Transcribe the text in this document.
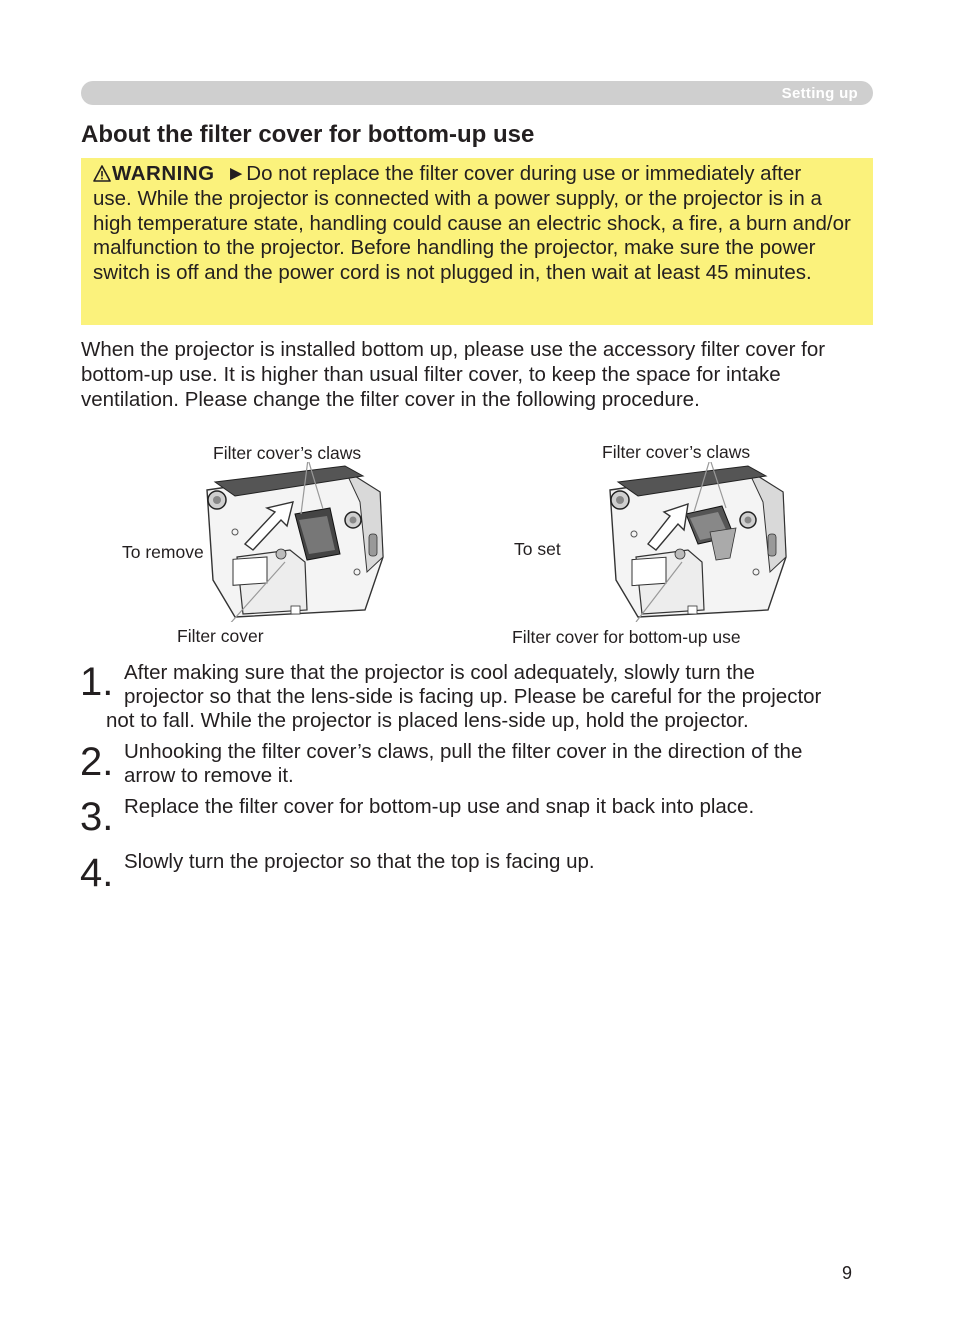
Setting up
About the filter cover for bottom-up use
WARNING ►Do not replace the filter cover during use or immediately after
use. While the projector is connected with a power supply, or the projector is in a high temperature state, handling could cause an electric shock, a fire, a burn and/or malfunction to the projector. Before handling the projector, make sure the power switch is off and the power cord is not plugged in, then wait at least 45 minutes.

When the projector is installed bottom up, please use the accessory filter cover for bottom-up use. It is higher than usual filter cover, to keep the space for intake ventilation. Please change the filter cover in the following procedure.

Filter cover’s claws
To remove
Filter cover
Filter cover’s claws
To set
Filter cover for bottom-up use
1. After making sure that the projector is cool adequately, slowly turn the
projector so that the lens-side is facing up. Please be careful for the projector
not to fall. While the projector is placed lens-side up, hold the projector.
2. Unhooking the filter cover’s claws, pull the filter cover in the direction of the
arrow to remove it.
3. Replace the filter cover for bottom-up use and snap it back into place.
4. Slowly turn the projector so that the top is facing up.
9
